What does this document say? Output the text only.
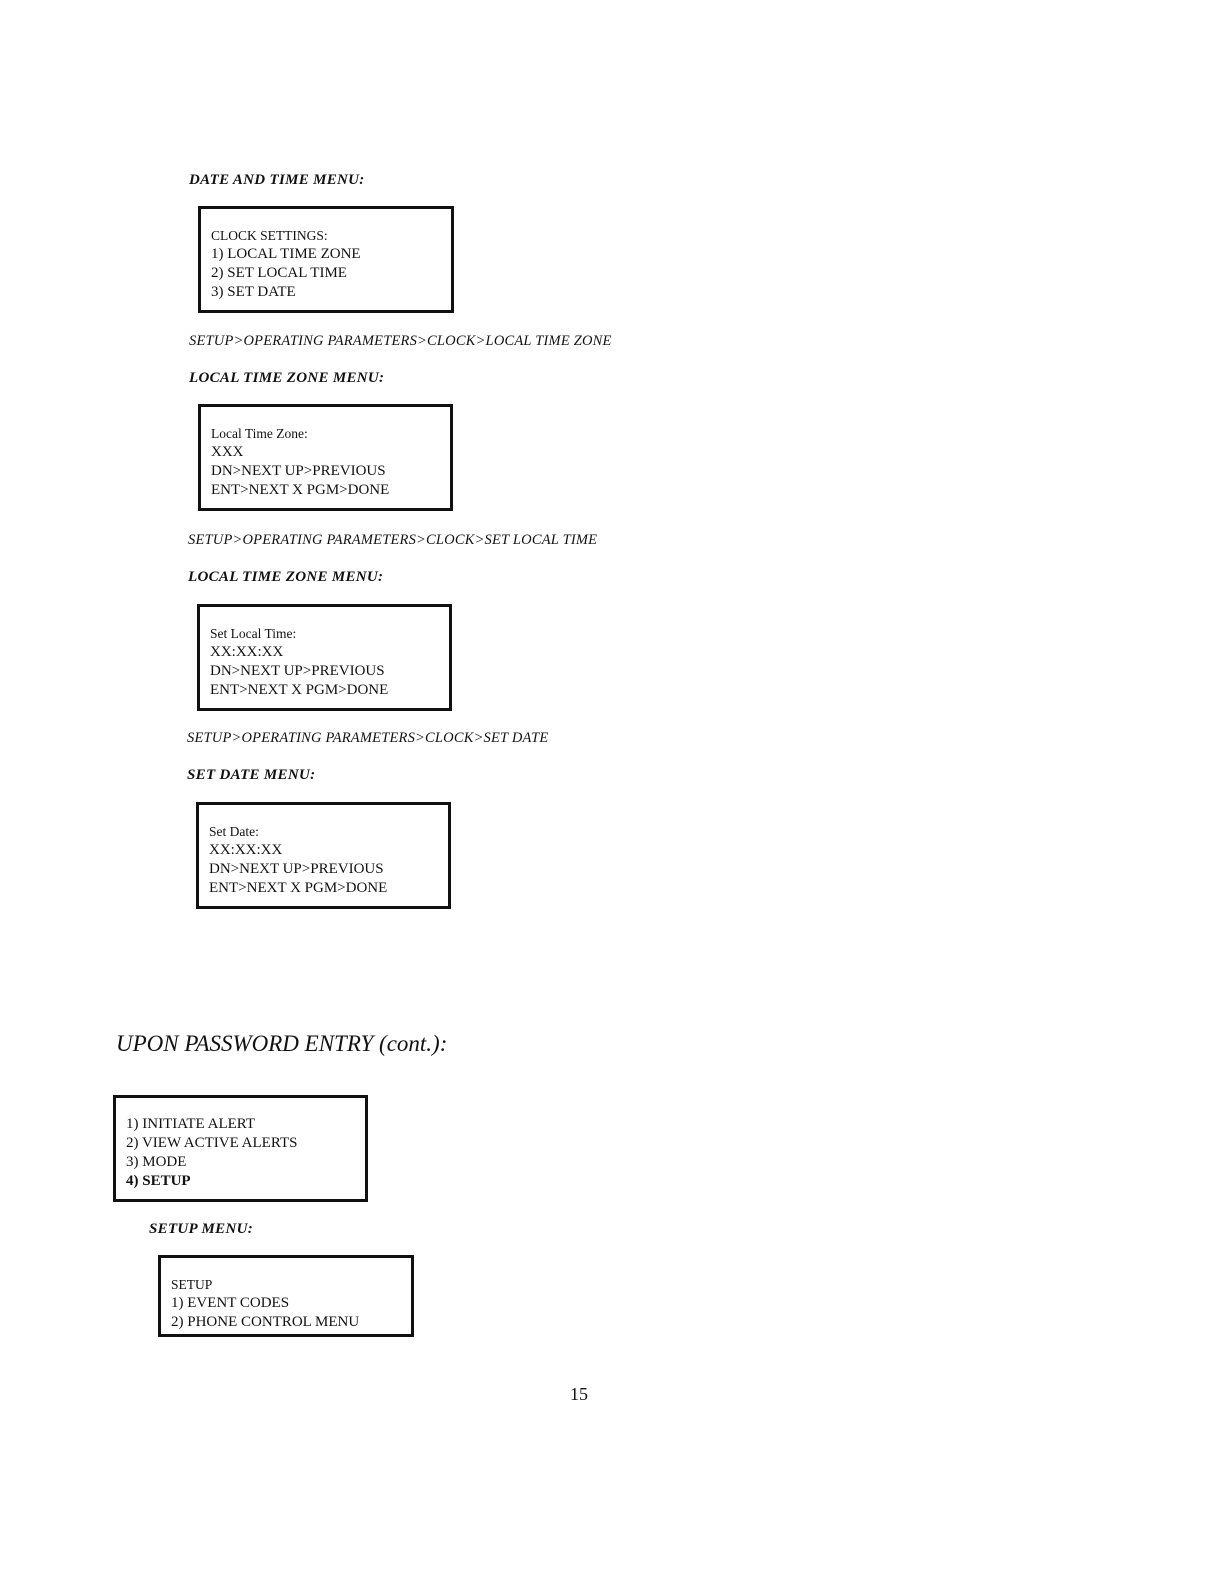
DATE AND TIME MENU:
CLOCK SETTINGS:
1) LOCAL TIME ZONE
2) SET LOCAL TIME
3) SET DATE
SETUP>OPERATING PARAMETERS>CLOCK>LOCAL TIME ZONE
LOCAL TIME ZONE MENU:
Local Time Zone:
XXX
DN>NEXT UP>PREVIOUS
ENT>NEXT X PGM>DONE
SETUP>OPERATING PARAMETERS>CLOCK>SET LOCAL TIME
LOCAL TIME ZONE MENU:
Set Local Time:
XX:XX:XX
DN>NEXT UP>PREVIOUS
ENT>NEXT X PGM>DONE
SETUP>OPERATING PARAMETERS>CLOCK>SET DATE
SET DATE MENU:
Set Date:
XX:XX:XX
DN>NEXT UP>PREVIOUS
ENT>NEXT X PGM>DONE
UPON PASSWORD ENTRY (cont.):
1) INITIATE ALERT
2) VIEW ACTIVE ALERTS
3) MODE
4) SETUP
SETUP MENU:
SETUP
1) EVENT CODES
2) PHONE CONTROL MENU
15
